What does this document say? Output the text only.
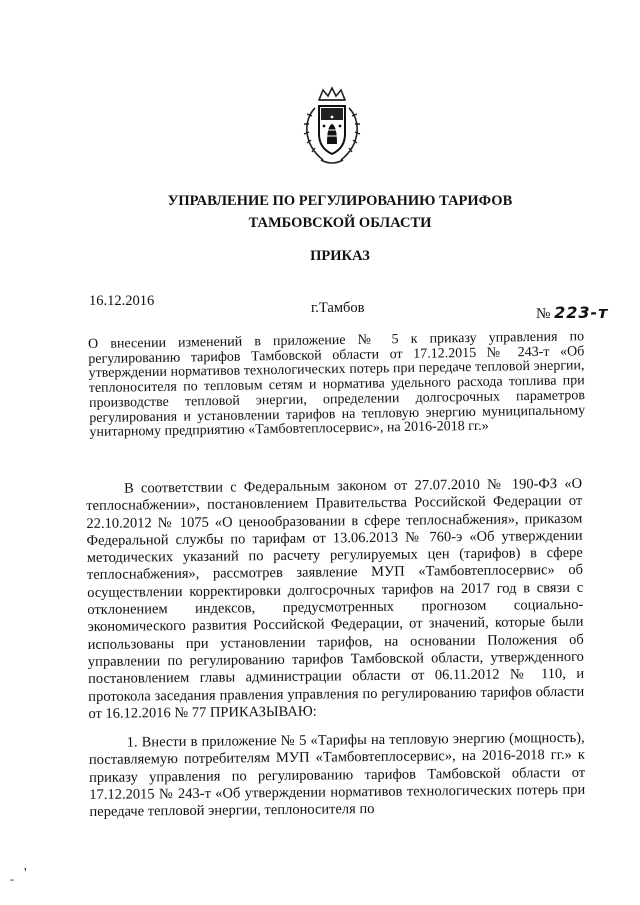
УПРАВЛЕНИЕ ПО РЕГУЛИРОВАНИЮ ТАРИФОВ
ТАМБОВСКОЙ ОБЛАСТИ
ПРИКАЗ
16.12.2016	г.Тамбов	№ 223-т
О внесении изменений в приложение № 5 к приказу управления по регулированию тарифов Тамбовской области от 17.12.2015 № 243-т «Об утверждении нормативов технологических потерь при передаче тепловой энергии, теплоносителя по тепловым сетям и норматива удельного расхода топлива при производстве тепловой энергии, определении долгосрочных параметров регулирования и установлении тарифов на тепловую энергию муниципальному унитарному предприятию «Тамбовтеплосервис», на 2016-2018 гг.»

В соответствии с Федеральным законом от 27.07.2010 № 190-ФЗ «О теплоснабжении», постановлением Правительства Российской Федерации от 22.10.2012 № 1075 «О ценообразовании в сфере теплоснабжения», приказом Федеральной службы по тарифам от 13.06.2013 № 760-э «Об утверждении методических указаний по расчету регулируемых цен (тарифов) в сфере теплоснабжения», рассмотрев заявление МУП «Тамбовтеплосервис» об осуществлении корректировки долгосрочных тарифов на 2017 год в связи с отклонением индексов, предусмотренных прогнозом социально-экономического развития Российской Федерации, от значений, которые были использованы при установлении тарифов, на основании Положения об управлении по регулированию тарифов Тамбовской области, утвержденного постановлением главы администрации области от 06.11.2012 № 110, и протокола заседания правления управления по регулированию тарифов области от 16.12.2016 № 77 ПРИКАЗЫВАЮ:

1. Внести в приложение № 5 «Тарифы на тепловую энергию (мощность), поставляемую потребителям МУП «Тамбовтеплосервис», на 2016-2018 гг.» к приказу управления по регулированию тарифов Тамбовской области от 17.12.2015 № 243-т «Об утверждении нормативов технологических потерь при передаче тепловой энергии, теплоносителя по

- '
